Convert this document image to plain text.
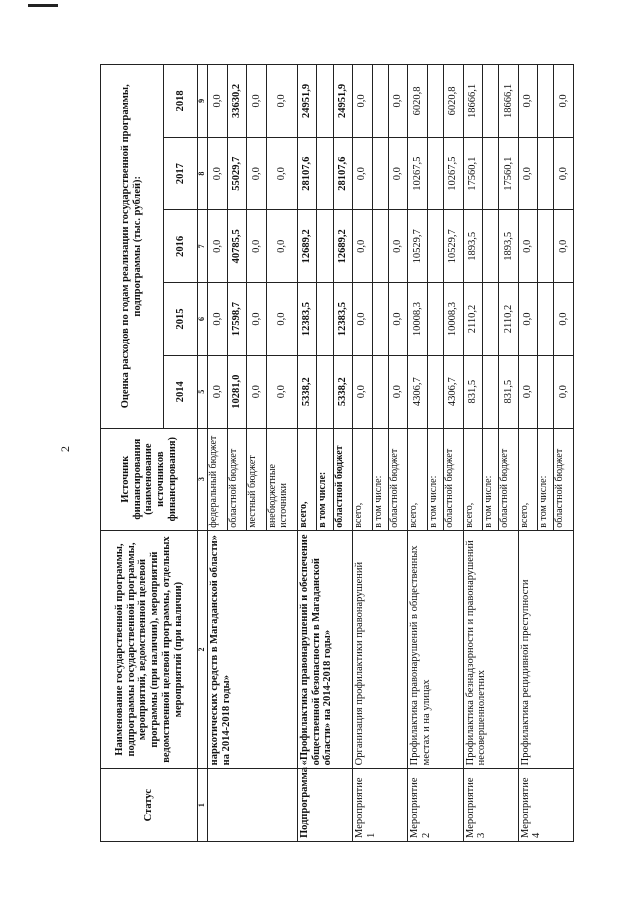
2
Статус	Наименование государственной программы, подпрограммы государственной программы, мероприятий, ведомственной целевой программы (при наличии), мероприятий ведомственной целевой программы, отдельных мероприятий (при наличии)	Источник финансирования (наименование источников финансирования)	Оценка расходов по годам реализации государственной программы, подпрограммы (тыс. рублей):				
			2014	2015	2016	2017	2018
1	2	3	5	6	7	8	9
	наркотических средств в Магаданской области» на 2014-2018 годы»	федеральный бюджет	0,0	0,0	0,0	0,0	0,0
		областной бюджет	10281,0	17598,7	40785,5	55029,7	33630,2
		местный бюджет	0,0	0,0	0,0	0,0	0,0
		внебюджетные источники	0,0	0,0	0,0	0,0	0,0
Подпрограмма	«Профилактика правонарушений и обеспечение общественной безопасности в Магаданской области» на 2014-2018 годы»	всего,	5338,2	12383,5	12689,2	28107,6	24951,9
		в том числе:					
		областной бюджет	5338,2	12383,5	12689,2	28107,6	24951,9
Мероприятие 1	Организация профилактики правонарушений	всего,	0,0	0,0	0,0	0,0	0,0
		в том числе:					
		областной бюджет	0,0	0,0	0,0	0,0	0,0
Мероприятие 2	Профилактика правонарушений в общественных местах и на улицах	всего,	4306,7	10008,3	10529,7	10267,5	6020,8
		в том числе:					
		областной бюджет	4306,7	10008,3	10529,7	10267,5	6020,8
Мероприятие 3	Профилактика безнадзорности и правонарушений несовершеннолетних	всего,	831,5	2110,2	1893,5	17560,1	18666,1
		в том числе:					
		областной бюджет	831,5	2110,2	1893,5	17560,1	18666,1
Мероприятие 4	Профилактика рецидивной преступности	всего,	0,0	0,0	0,0	0,0	0,0
		в том числе:					
		областной бюджет	0,0	0,0	0,0	0,0	0,0
